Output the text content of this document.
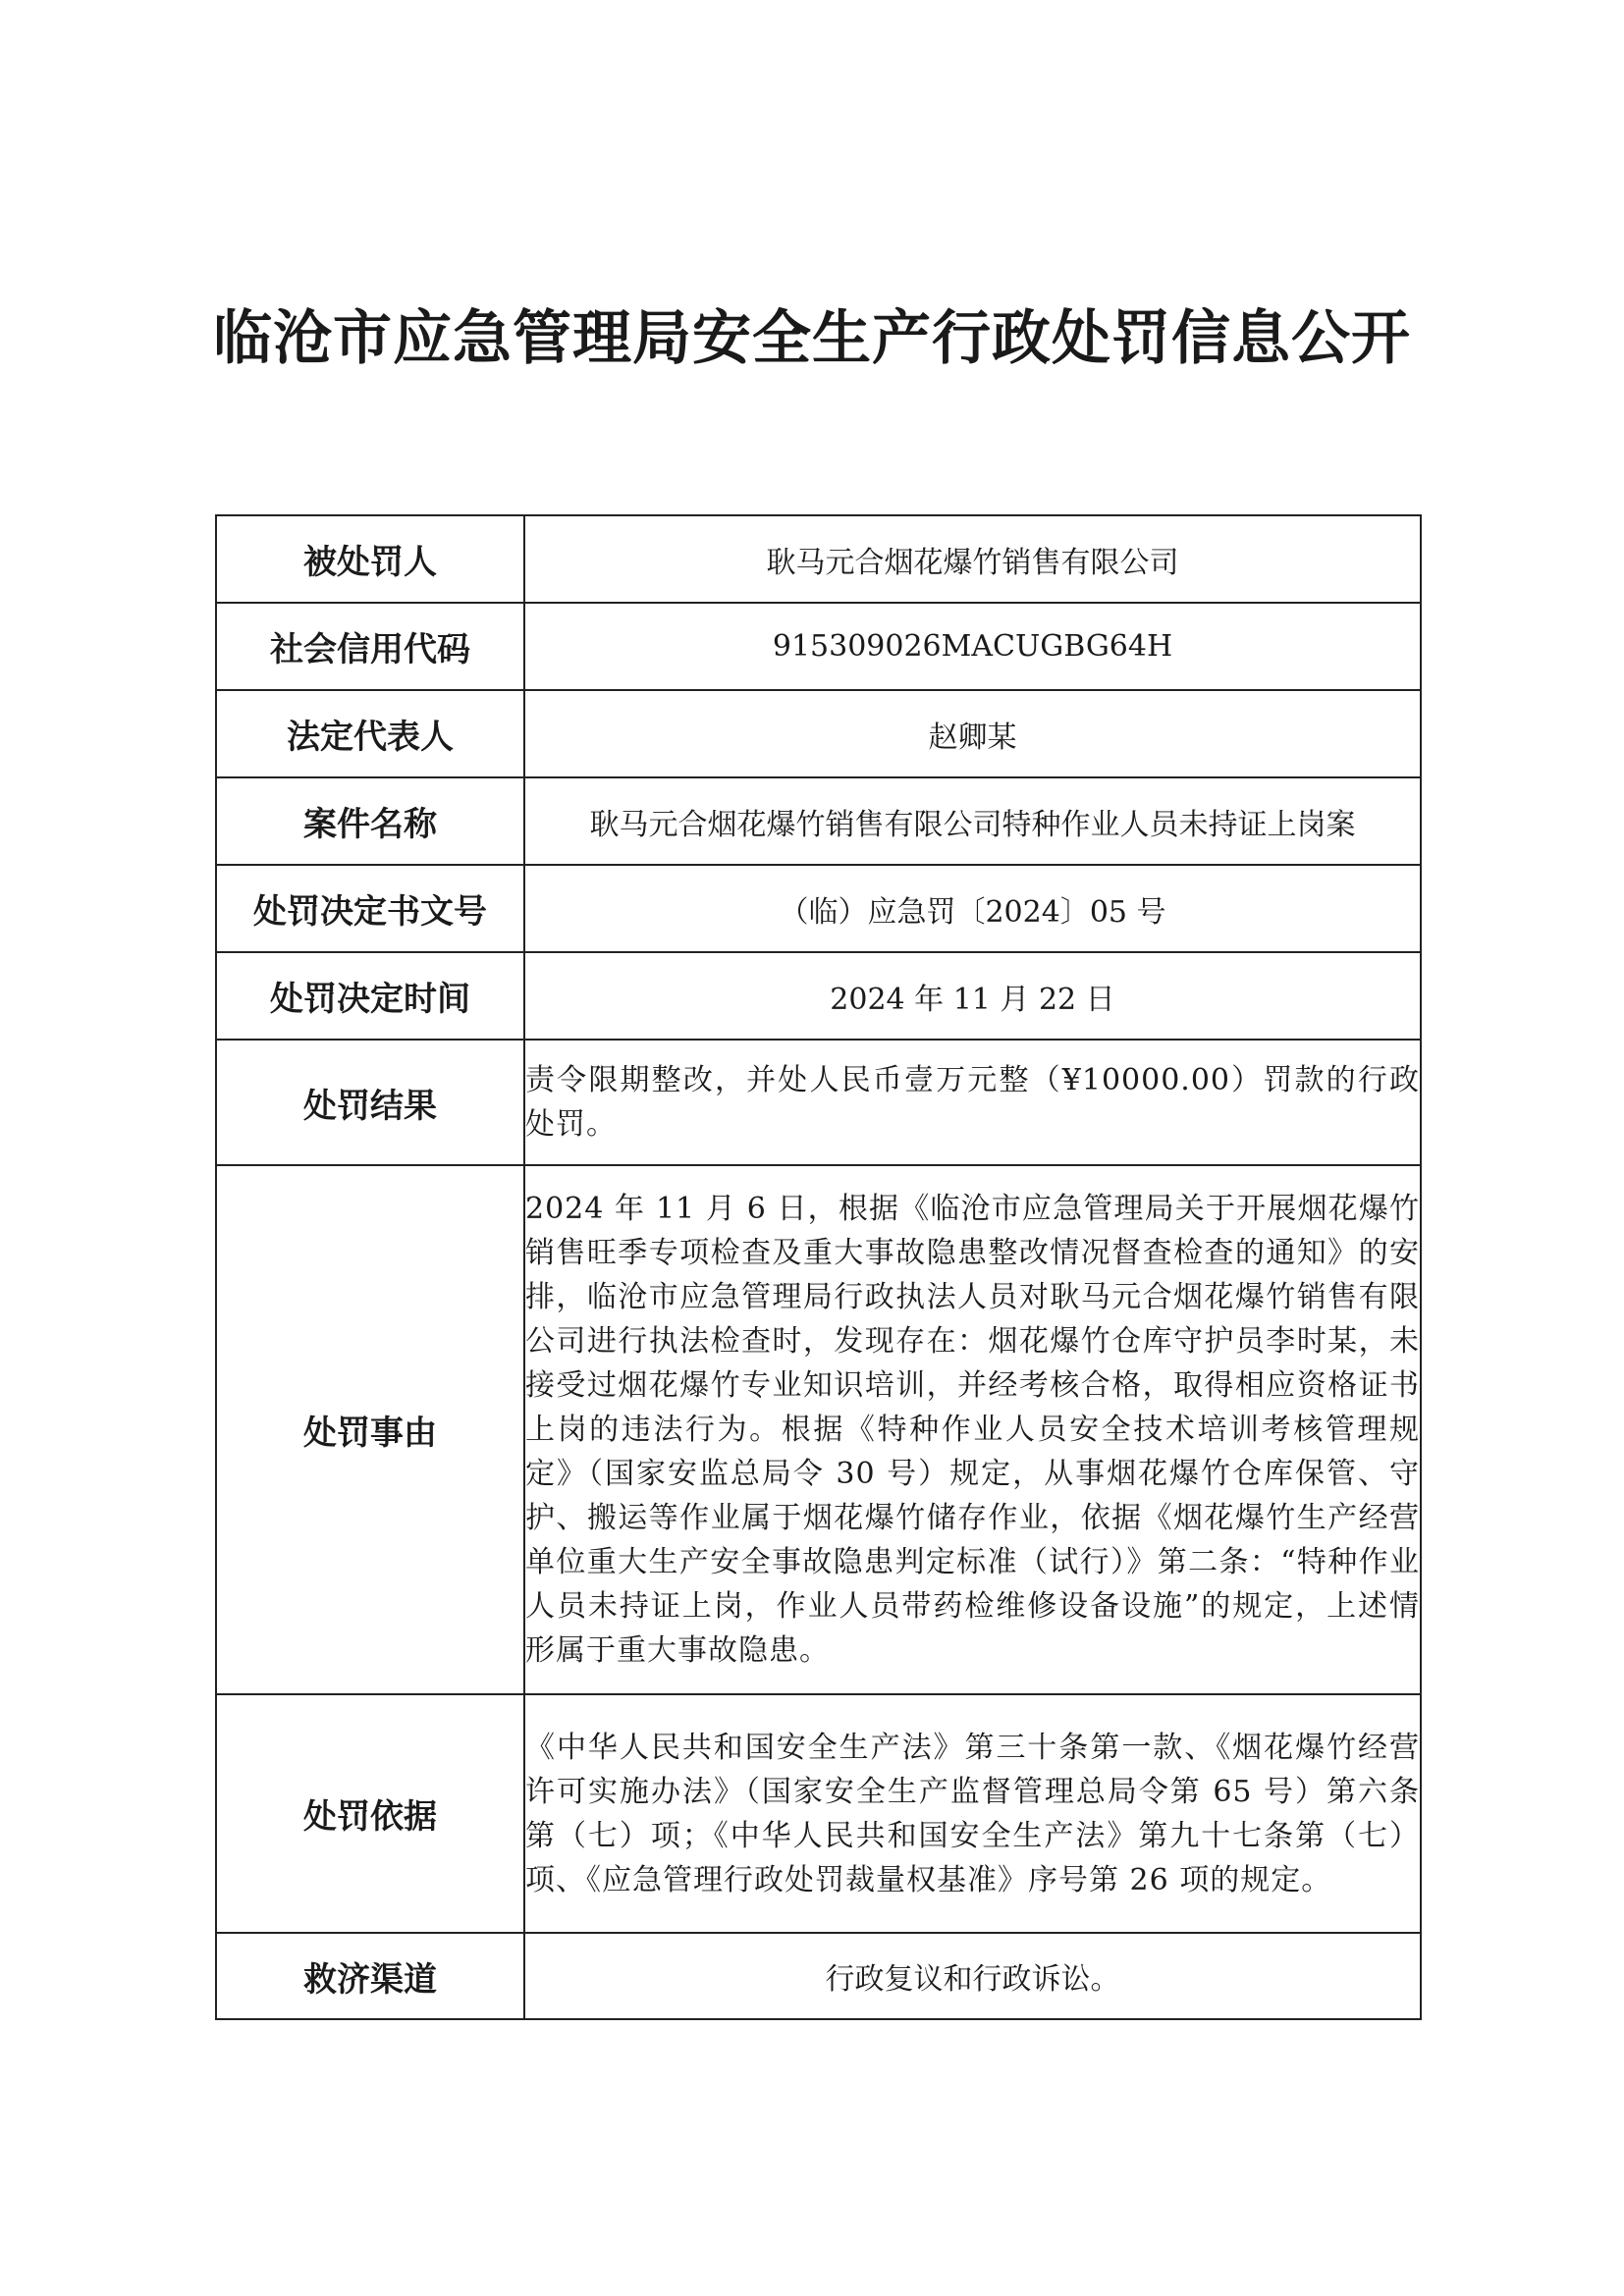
临沧市应急管理局安全生产行政处罚信息公开
被处罚人	耿马元合烟花爆竹销售有限公司
社会信用代码	915309026MACUGBG64H
法定代表人	赵卿某
案件名称	耿马元合烟花爆竹销售有限公司特种作业人员未持证上岗案
处罚决定书文号	（临）应急罚〔2024〕05 号
处罚决定时间	2024 年 11 月 22 日
处罚结果	责令限期整改，并处人民币壹万元整（¥10000.00）罚款的行政处罚。
处罚事由	2024 年 11 月 6 日，根据《临沧市应急管理局关于开展烟花爆竹销售旺季专项检查及重大事故隐患整改情况督查检查的通知》的安排，临沧市应急管理局行政执法人员对耿马元合烟花爆竹销售有限公司进行执法检查时，发现存在：烟花爆竹仓库守护员李时某，未接受过烟花爆竹专业知识培训，并经考核合格，取得相应资格证书上岗的违法行为。根据《特种作业人员安全技术培训考核管理规定》（国家安监总局令 30 号）规定，从事烟花爆竹仓库保管、守护、搬运等作业属于烟花爆竹储存作业，依据《烟花爆竹生产经营单位重大生产安全事故隐患判定标准（试行）》第二条：“特种作业人员未持证上岗，作业人员带药检维修设备设施”的规定，上述情形属于重大事故隐患。
处罚依据	《中华人民共和国安全生产法》第三十条第一款、《烟花爆竹经营许可实施办法》（国家安全生产监督管理总局令第 65 号）第六条第（七）项；《中华人民共和国安全生产法》第九十七条第（七）项、《应急管理行政处罚裁量权基准》序号第 26 项的规定。
救济渠道	行政复议和行政诉讼。
